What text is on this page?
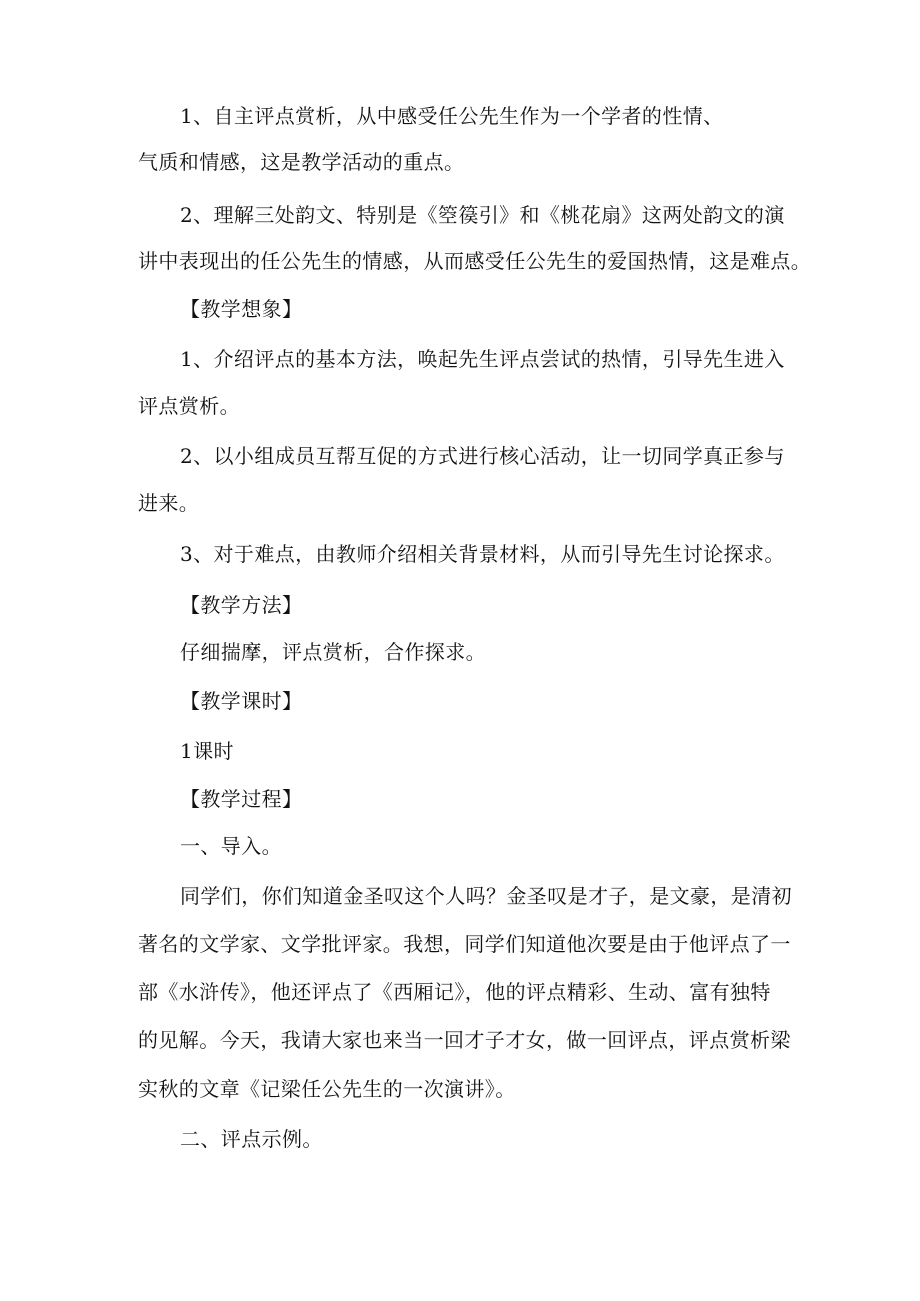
1、自主评点赏析，从中感受任公先生作为一个学者的性情、
气质和情感，这是教学活动的重点。
2、理解三处韵文、特别是《箜篌引》和《桃花扇》这两处韵文的演
讲中表现出的任公先生的情感，从而感受任公先生的爱国热情，这是难点。
【教学想象】
1、介绍评点的基本方法，唤起先生评点尝试的热情，引导先生进入
评点赏析。
2、以小组成员互帮互促的方式进行核心活动，让一切同学真正参与
进来。
3、对于难点，由教师介绍相关背景材料，从而引导先生讨论探求。
【教学方法】
仔细揣摩，评点赏析，合作探求。
【教学课时】
1课时
【教学过程】
一、导入。
同学们，你们知道金圣叹这个人吗？金圣叹是才子，是文豪，是清初
著名的文学家、文学批评家。我想，同学们知道他次要是由于他评点了一
部《水浒传》，他还评点了《西厢记》，他的评点精彩、生动、富有独特
的见解。今天，我请大家也来当一回才子才女，做一回评点，评点赏析梁
实秋的文章《记梁任公先生的一次演讲》。
二、评点示例。
